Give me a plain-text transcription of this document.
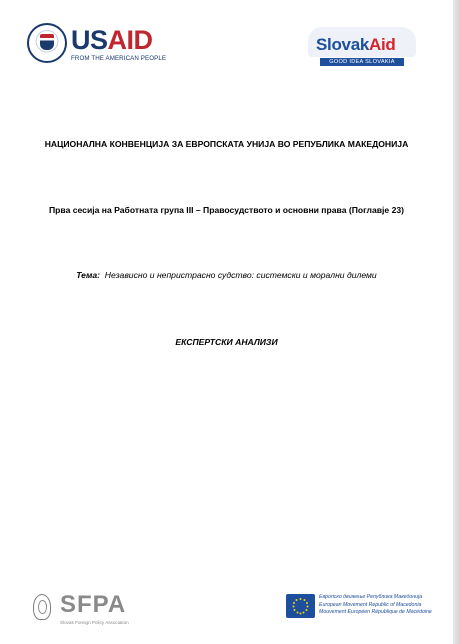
USAID
FROM THE AMERICAN PEOPLE
SlovakAid
GOOD IDEA SLOVAKIA
НАЦИОНАЛНА КОНВЕНЦИЈА ЗА ЕВРОПСКАТА УНИЈА ВО РЕПУБЛИКА МАКЕДОНИЈА
Прва сесија на Работната група III – Правосудството и основни права (Поглавје 23)
Тема: Независно и непристрасно судство: системски и морални дилеми
ЕКСПЕРТСКИ АНАЛИЗИ
SFPA
Slovak Foreign Policy Association
Европско движење Република Македонија
European Movement Republic of Macedonia
Mouvement Européen République de Macédoine
